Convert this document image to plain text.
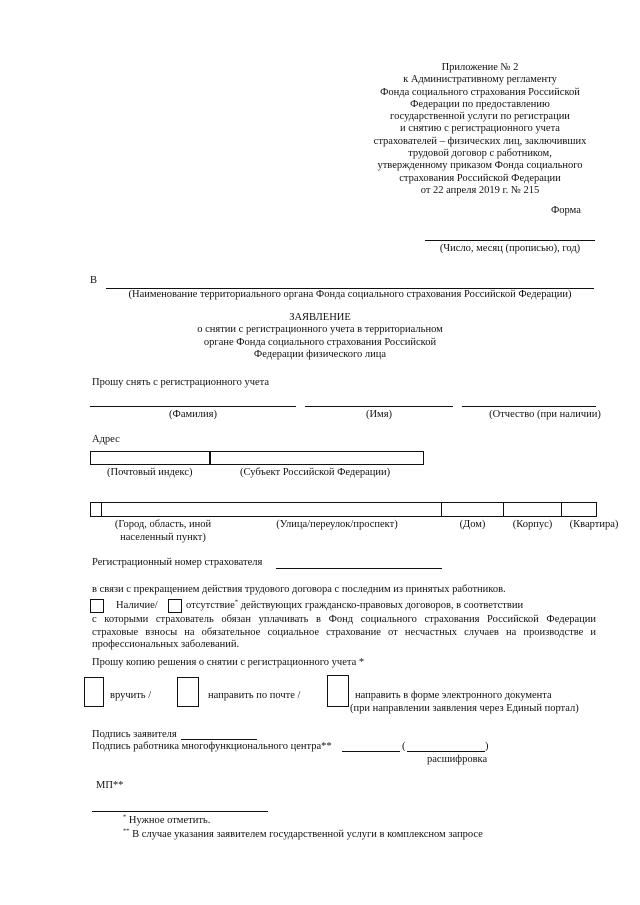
Приложение № 2
к Административному регламенту
Фонда социального страхования Российской
Федерации по предоставлению
государственной услуги по регистрации
и снятию с регистрационного учета
страхователей – физических лиц, заключивших
трудовой договор с работником,
утвержденному приказом Фонда социального
страхования Российской Федерации
от 22 апреля 2019 г. № 215
Форма
(Число, месяц (прописью), год)
В
(Наименование территориального органа Фонда социального страхования Российской Федерации)
ЗАЯВЛЕНИЕ
о снятии с регистрационного учета в территориальном
органе Фонда социального страхования Российской
Федерации физического лица
Прошу снять с регистрационного учета
(Фамилия)	(Имя)	(Отчество (при наличии)
Адрес
(Почтовый индекс)	(Субъект Российской Федерации)
(Город, область, иной
населенный пункт)
(Улица/переулок/проспект)	(Дом)	(Корпус)	(Квартира)
Регистрационный номер страхователя
в связи с прекращением действия трудового договора с последним из принятых работников.
Наличие/	отсутствие* действующих гражданско-правовых договоров, в соответствии
с которыми страхователь обязан уплачивать в Фонд социального страхования Российской Федерации
страховые взносы на обязательное социальное страхование от несчастных случаев на производстве и
профессиональных заболеваний.
Прошу копию решения о снятии с регистрационного учета *
вручить /	направить по почте /	направить в форме электронного документа
(при направлении заявления через Единый портал)
Подпись заявителя
Подпись работника многофункционального центра**	(	)
расшифровка
МП**
* Нужное отметить.
** В случае указания заявителем государственной услуги в комплексном запросе
